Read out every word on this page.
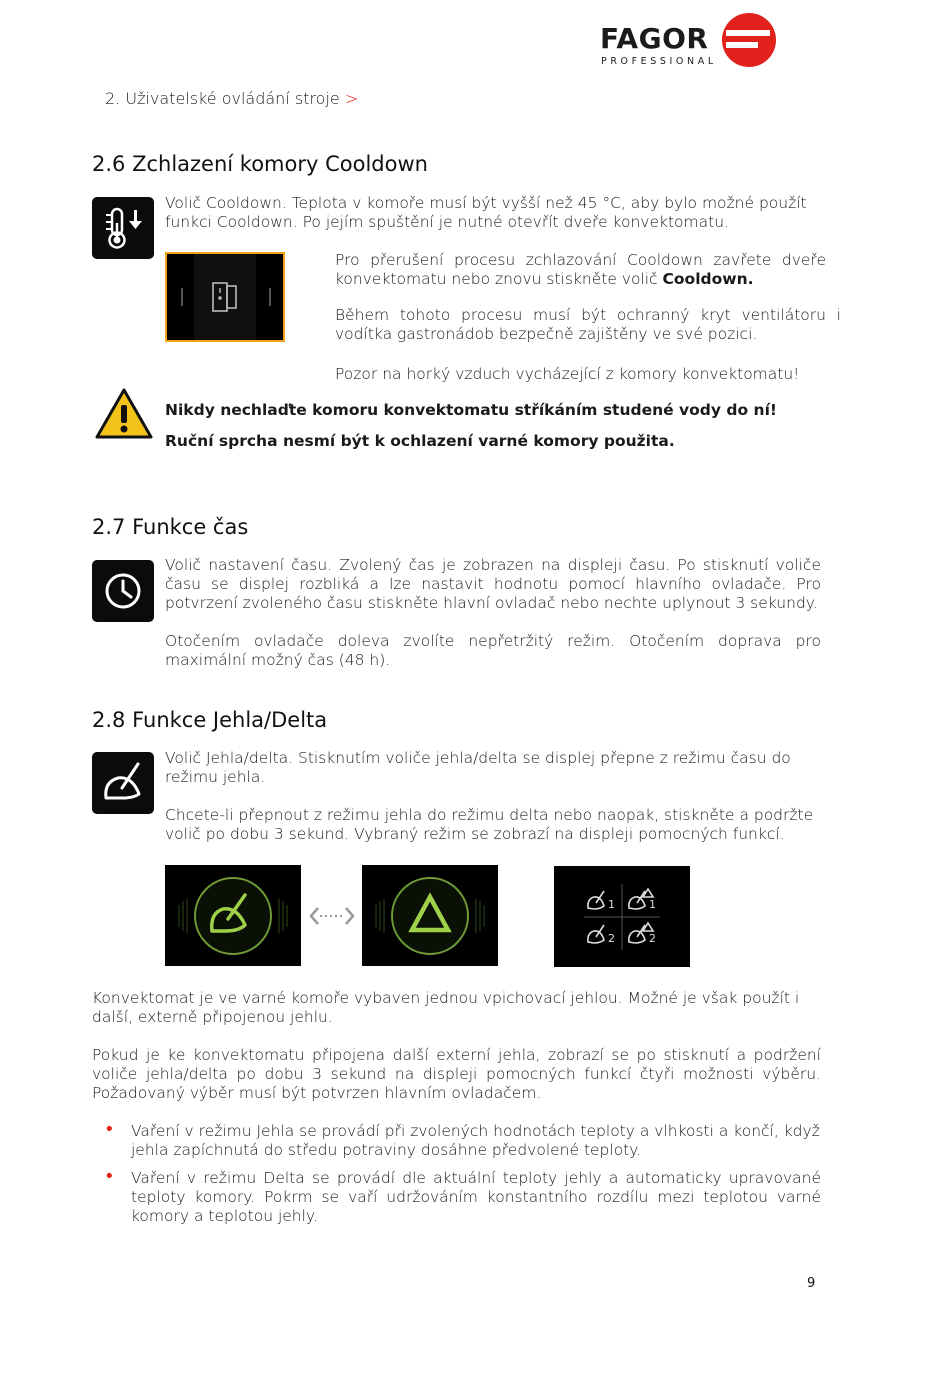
FAGOR
PROFESSIONAL
2. Uživatelské ovládání stroje >
2.6 Zchlazení komory Cooldown
Volič Cooldown. Teplota v komoře musí být vyšší než 45 °C, aby bylo možné použít funkci Cooldown. Po jejím spuštění je nutné otevřít dveře konvektomatu.
Pro přerušení procesu zchlazování Cooldown zavřete dveře konvektomatu nebo znovu stiskněte volič Cooldown.
Během tohoto procesu musí být ochranný kryt ventilátoru i vodítka gastronádob bezpečně zajištěny ve své pozici.
Pozor na horký vzduch vycházející z komory konvektomatu!
Nikdy nechlaďte komoru konvektomatu stříkáním studené vody do ní!
Ruční sprcha nesmí být k ochlazení varné komory použita.
2.7 Funkce čas
Volič nastavení času. Zvolený čas je zobrazen na displeji času. Po stisknutí voliče času se displej rozbliká a lze nastavit hodnotu pomocí hlavního ovladače. Pro potvrzení zvoleného času stiskněte hlavní ovladač nebo nechte uplynout 3 sekundy.
Otočením ovladače doleva zvolíte nepřetržitý režim. Otočením doprava pro maximální možný čas (48 h).
2.8 Funkce Jehla/Delta
Volič Jehla/delta. Stisknutím voliče jehla/delta se displej přepne z režimu času do režimu jehla.
Chcete-li přepnout z režimu jehla do režimu delta nebo naopak, stiskněte a podržte volič po dobu 3 sekund. Vybraný režim se zobrazí na displeji pomocných funkcí.
1	1
2	2
Konvektomat je ve varné komoře vybaven jednou vpichovací jehlou. Možné je však použít i další, externě připojenou jehlu.
Pokud je ke konvektomatu připojena další externí jehla, zobrazí se po stisknutí a podržení voliče jehla/delta po dobu 3 sekund na displeji pomocných funkcí čtyři možnosti výběru. Požadovaný výběr musí být potvrzen hlavním ovladačem.
• Vaření v režimu Jehla se provádí při zvolených hodnotách teploty a vlhkosti a končí, když jehla zapíchnutá do středu potraviny dosáhne předvolené teploty.
• Vaření v režimu Delta se provádí dle aktuální teploty jehly a automaticky upravované teploty komory. Pokrm se vaří udržováním konstantního rozdílu mezi teplotou varné komory a teplotou jehly.
9
